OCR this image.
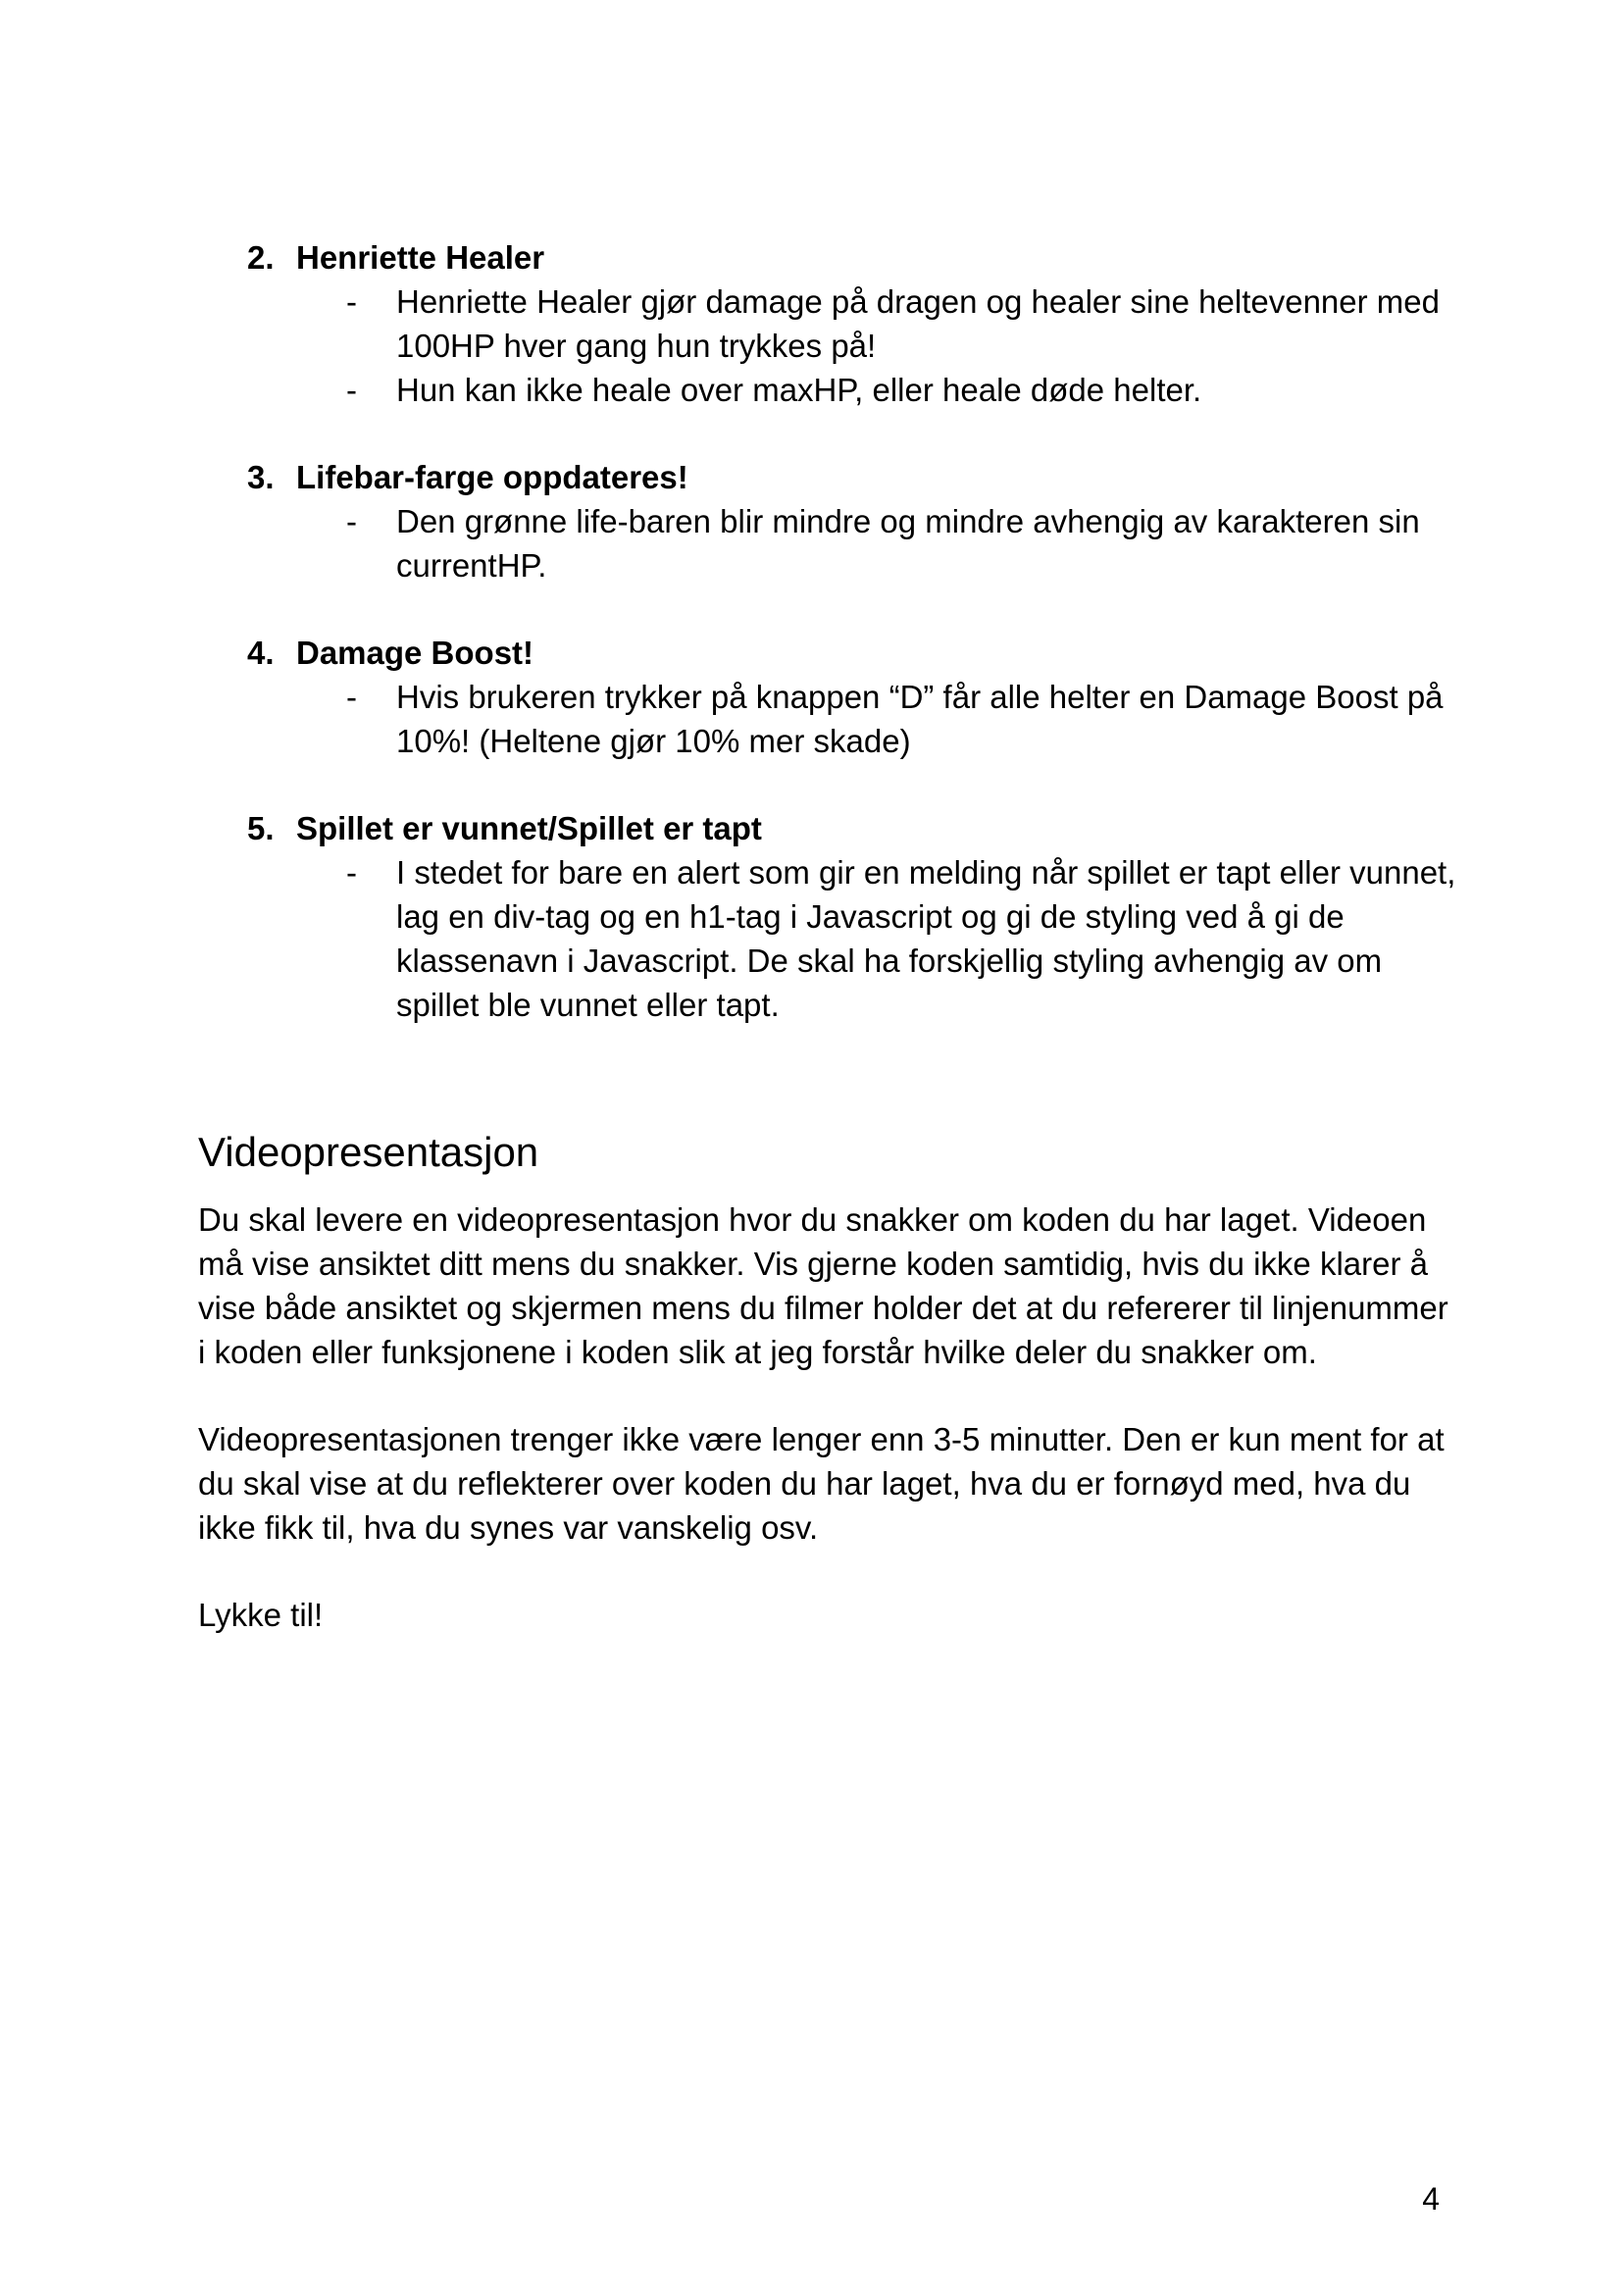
2. Henriette Healer
- Henriette Healer gjør damage på dragen og healer sine heltevenner med 100HP hver gang hun trykkes på!
- Hun kan ikke heale over maxHP, eller heale døde helter.
3. Lifebar-farge oppdateres!
- Den grønne life-baren blir mindre og mindre avhengig av karakteren sin currentHP.
4. Damage Boost!
- Hvis brukeren trykker på knappen “D” får alle helter en Damage Boost på 10%! (Heltene gjør 10% mer skade)
5. Spillet er vunnet/Spillet er tapt
- I stedet for bare en alert som gir en melding når spillet er tapt eller vunnet, lag en div-tag og en h1-tag i Javascript og gi de styling ved å gi de klassenavn i Javascript. De skal ha forskjellig styling avhengig av om spillet ble vunnet eller tapt.
Videopresentasjon

Du skal levere en videopresentasjon hvor du snakker om koden du har laget. Videoen må vise ansiktet ditt mens du snakker. Vis gjerne koden samtidig, hvis du ikke klarer å vise både ansiktet og skjermen mens du filmer holder det at du refererer til linjenummer i koden eller funksjonene i koden slik at jeg forstår hvilke deler du snakker om.

Videopresentasjonen trenger ikke være lenger enn 3-5 minutter. Den er kun ment for at du skal vise at du reflekterer over koden du har laget, hva du er fornøyd med, hva du ikke fikk til, hva du synes var vanskelig osv.

Lykke til!

4
